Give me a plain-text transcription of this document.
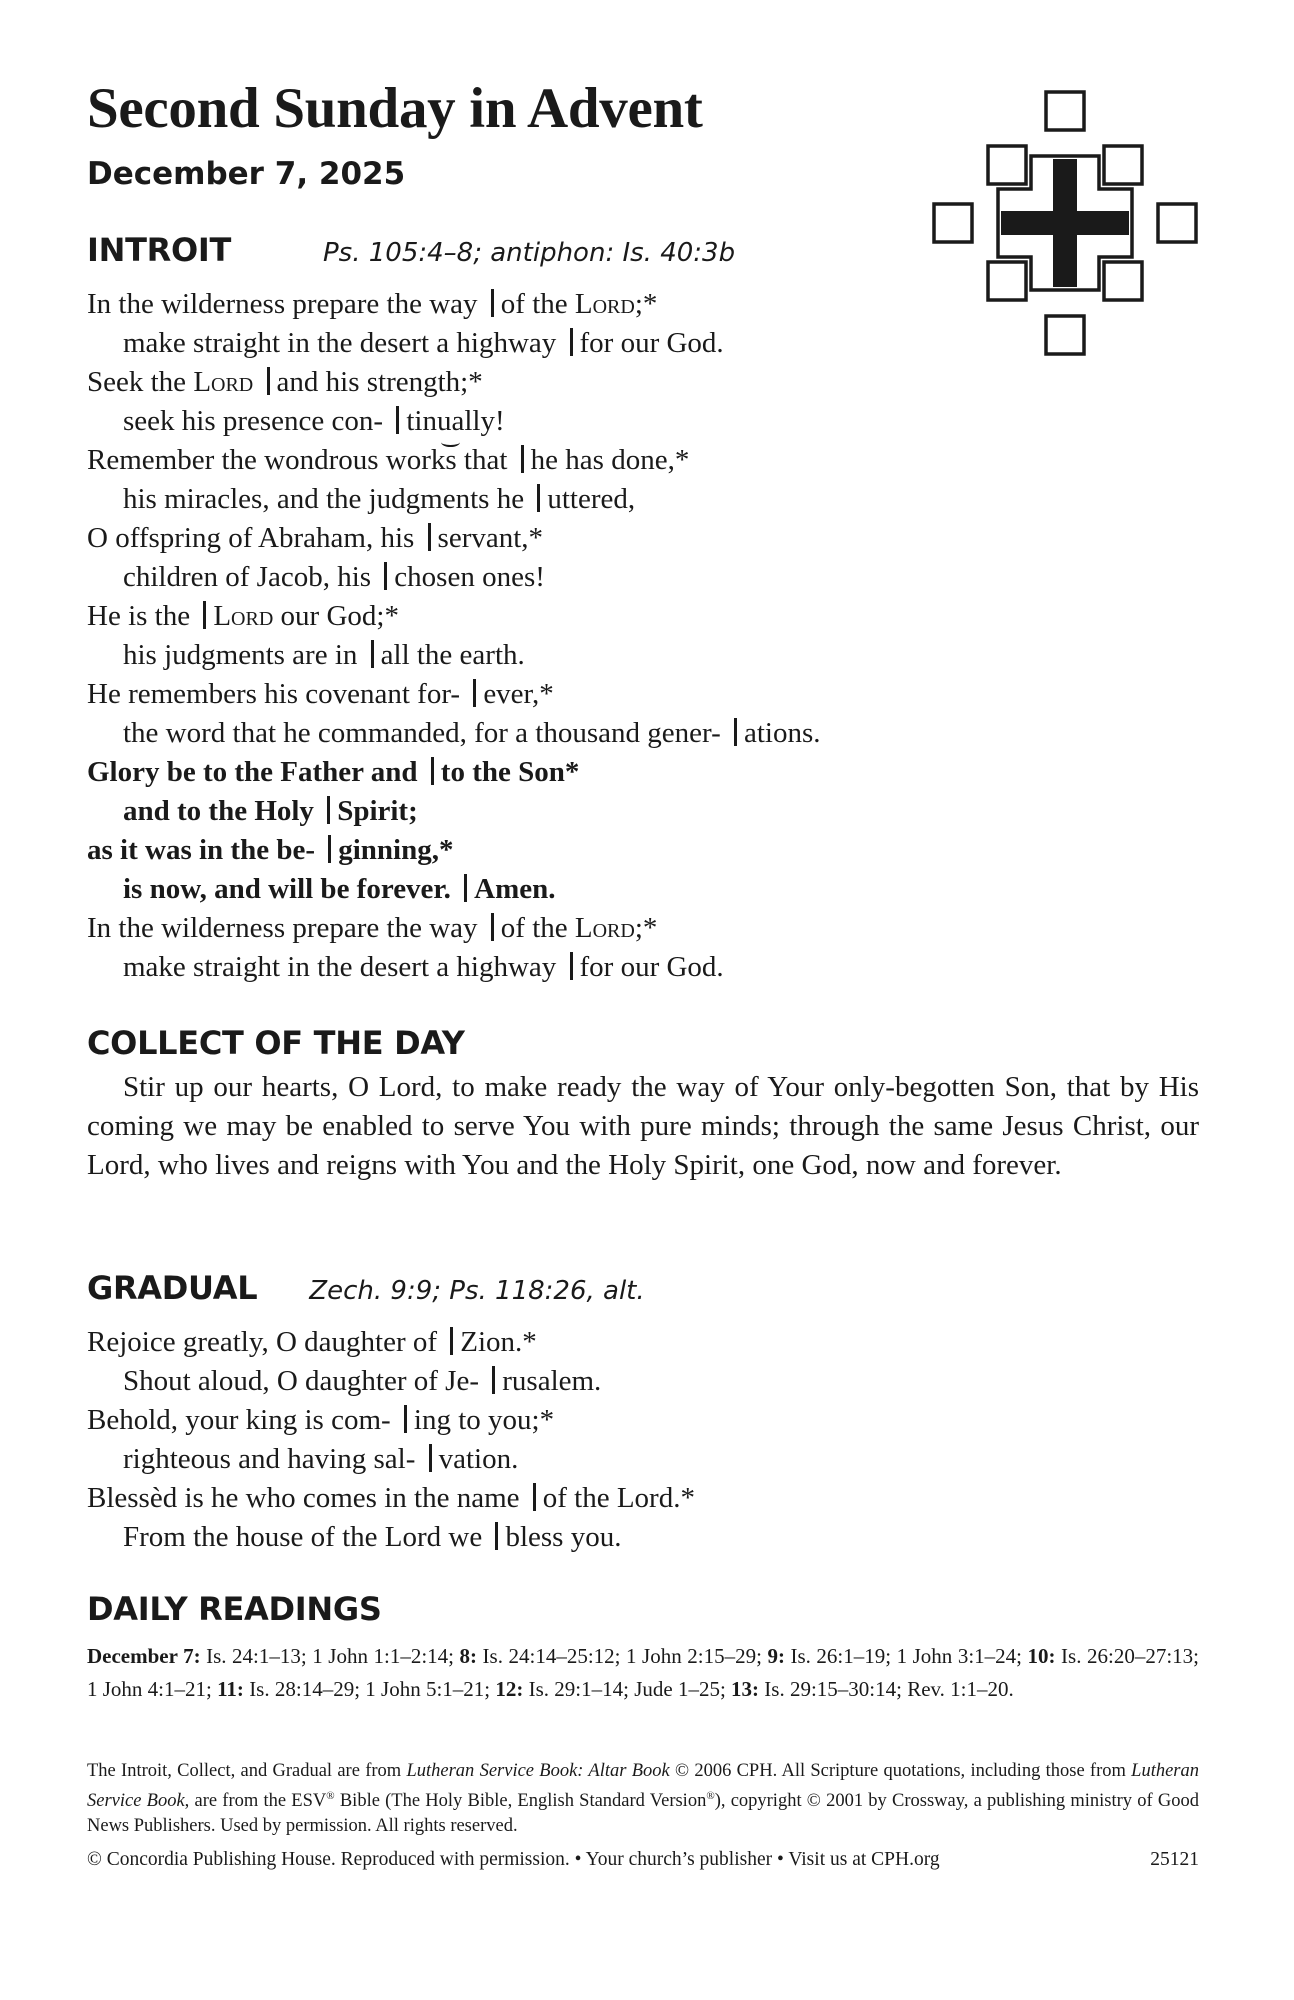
Second Sunday in Advent
December 7, 2025
INTROIT	Ps. 105:4–8; antiphon: Is. 40:3b
In the wilderness prepare the way of the Lord;*
make straight in the desert a highway for our God.
Seek the Lord and his strength;*
seek his presence con- tinually!
Remember the wondrous works that he has done,*
his miracles, and the judgments he uttered,
O offspring of Abraham, his servant,*
children of Jacob, his chosen ones!
He is the Lord our God;*
his judgments are in all the earth.
He remembers his covenant for- ever,*
the word that he commanded, for a thousand gener- ations.
Glory be to the Father and to the Son*
and to the Holy Spirit;
as it was in the be- ginning,*
is now, and will be forever. Amen.
In the wilderness prepare the way of the Lord;*
make straight in the desert a highway for our God.
COLLECT OF THE DAY
Stir up our hearts, O Lord, to make ready the way of Your only-begotten Son, that by His coming we may be enabled to serve You with pure minds; through the same Jesus Christ, our Lord, who lives and reigns with You and the Holy Spirit, one God, now and forever.
GRADUAL Zech. 9:9; Ps. 118:26, alt.
Rejoice greatly, O daughter of Zion.*
Shout aloud, O daughter of Je- rusalem.
Behold, your king is com- ing to you;*
righteous and having sal- vation.
Blessèd is he who comes in the name of the Lord.*
From the house of the Lord we bless you.
DAILY READINGS
December 7: Is. 24:1–13; 1 John 1:1–2:14; 8: Is. 24:14–25:12; 1 John 2:15–29; 9: Is. 26:1–19; 1 John 3:1–24; 10: Is. 26:20–27:13; 1 John 4:1–21; 11: Is. 28:14–29; 1 John 5:1–21; 12: Is. 29:1–14; Jude 1–25; 13: Is. 29:15–30:14; Rev. 1:1–20.
The Introit, Collect, and Gradual are from Lutheran Service Book: Altar Book © 2006 CPH. All Scripture quotations, including those from Lutheran Service Book, are from the ESV® Bible (The Holy Bible, English Standard Version®), copyright © 2001 by Crossway, a publishing ministry of Good News Publishers. Used by permission. All rights reserved.
© Concordia Publishing House. Reproduced with permission. • Your church’s publisher • Visit us at CPH.org	25121
